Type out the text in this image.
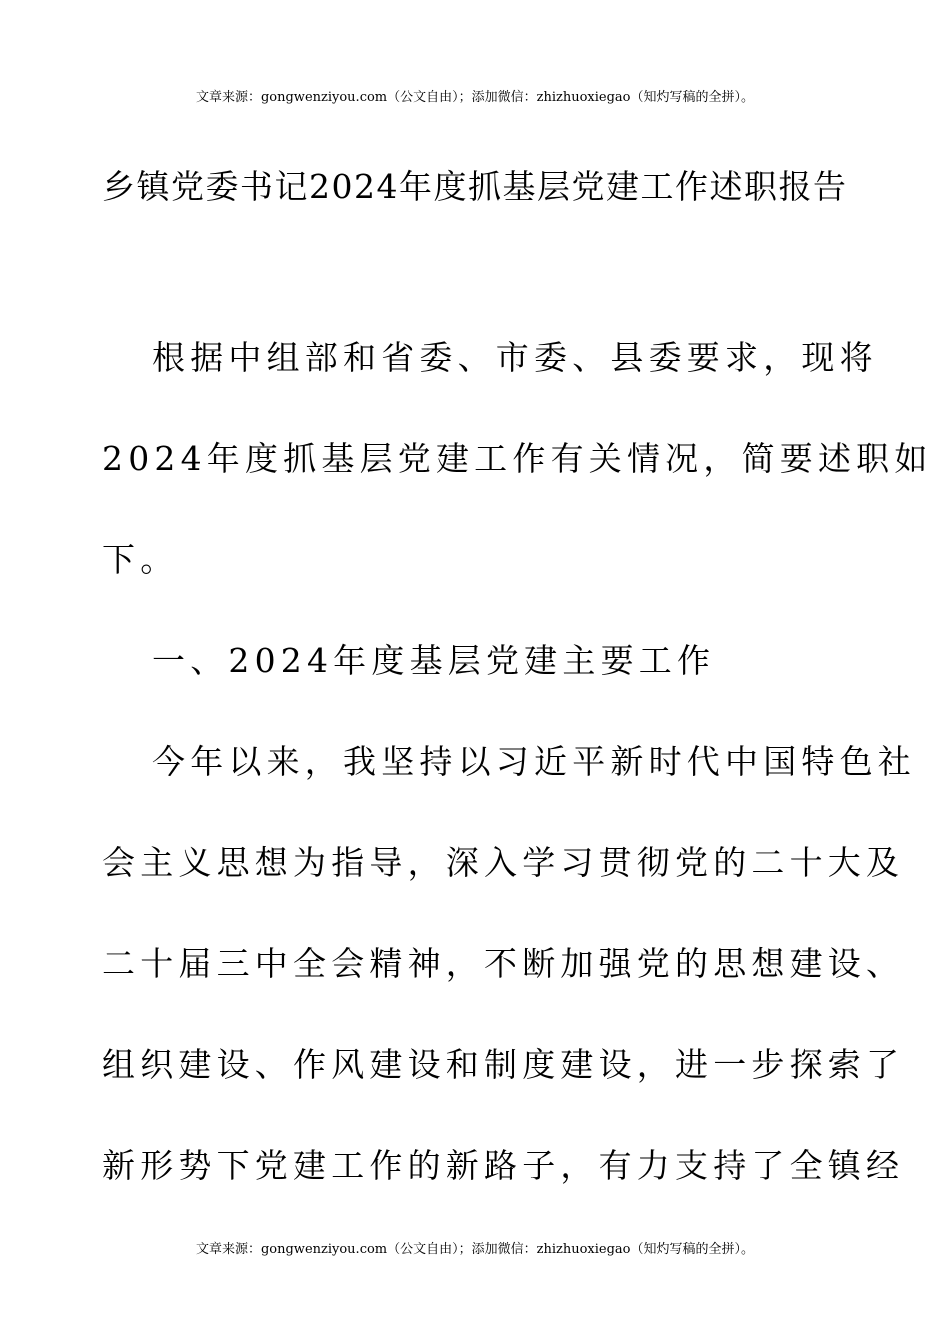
文章来源：gongwenziyou.com（公文自由）；添加微信：zhizhuoxiegao（知灼写稿的全拼）。
乡镇党委书记2024年度抓基层党建工作述职报告
根据中组部和省委、市委、县委要求，现将
2024年度抓基层党建工作有关情况，简要述职如
下。
一、2024年度基层党建主要工作
今年以来，我坚持以习近平新时代中国特色社
会主义思想为指导，深入学习贯彻党的二十大及
二十届三中全会精神，不断加强党的思想建设、
组织建设、作风建设和制度建设，进一步探索了
新形势下党建工作的新路子，有力支持了全镇经
文章来源：gongwenziyou.com（公文自由）；添加微信：zhizhuoxiegao（知灼写稿的全拼）。
